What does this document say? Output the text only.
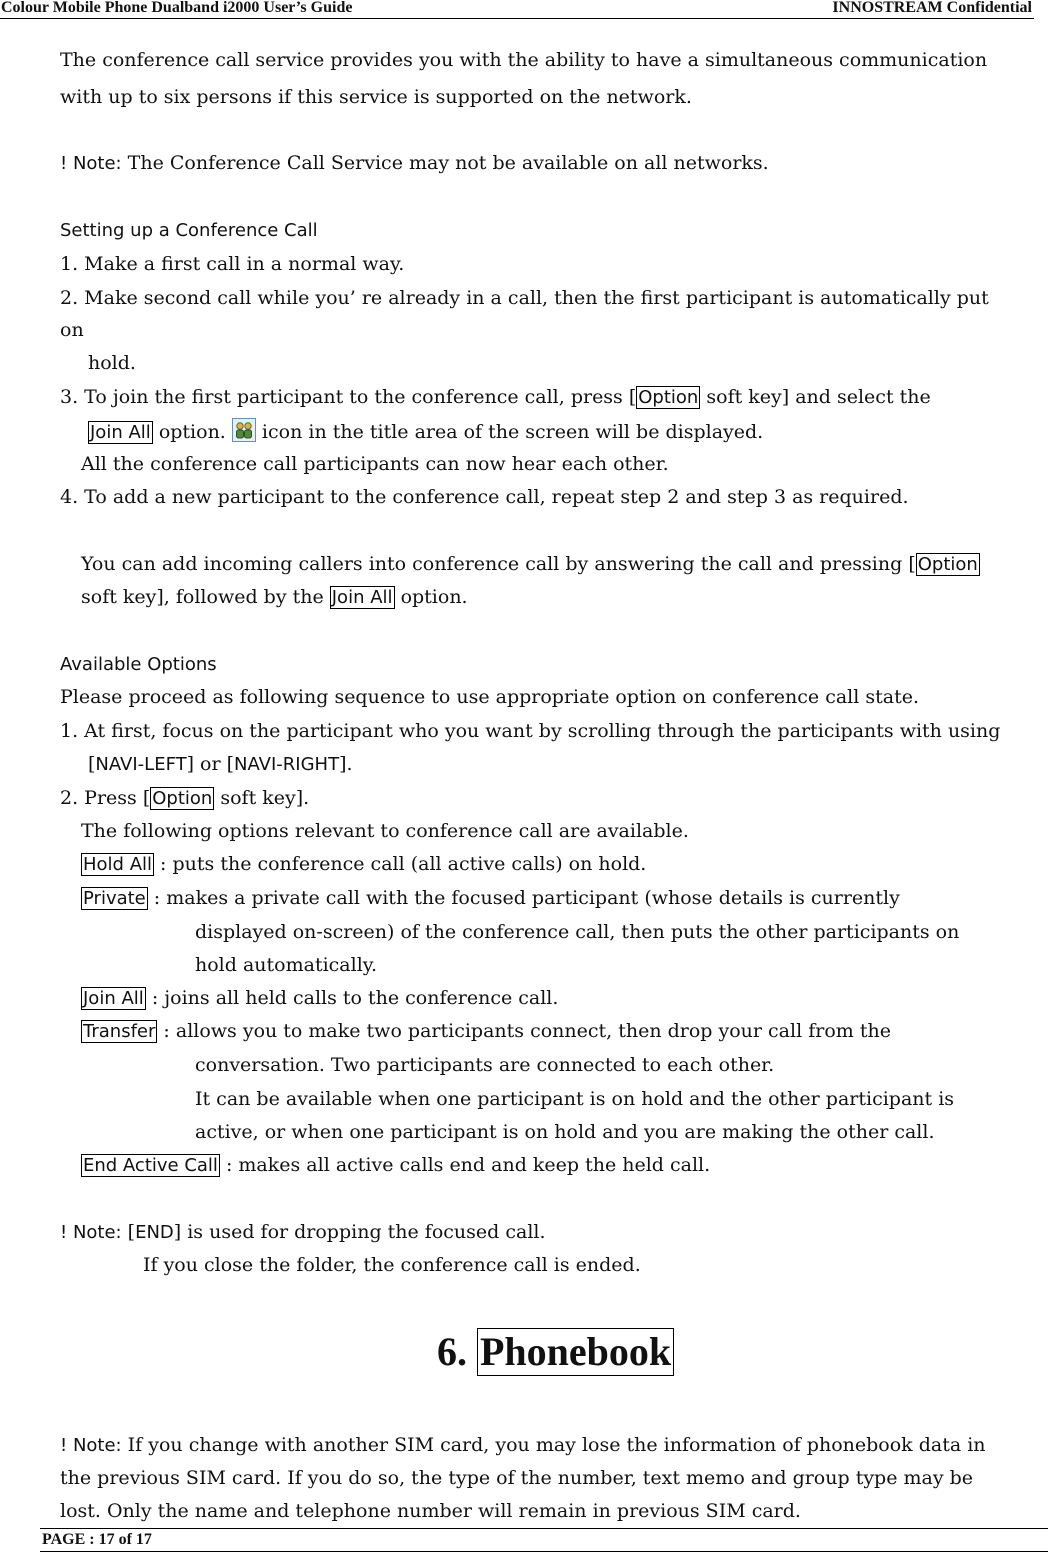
Colour Mobile Phone Dualband i2000 User’s Guide	INNOSTREAM Confidential
The conference call service provides you with the ability to have a simultaneous communication
with up to six persons if this service is supported on the network.
! Note: The Conference Call Service may not be available on all networks.
Setting up a Conference Call
1. Make a first call in a normal way.
2. Make second call while you’ re already in a call, then the first participant is automatically put
on
hold.
3. To join the first participant to the conference call, press [ Option soft key] and select the
Join All option.  icon in the title area of the screen will be displayed.
All the conference call participants can now hear each other.
4. To add a new participant to the conference call, repeat step 2 and step 3 as required.
You can add incoming callers into conference call by answering the call and pressing [ Option
soft key], followed by the Join All option.
Available Options
Please proceed as following sequence to use appropriate option on conference call state.
1. At first, focus on the participant who you want by scrolling through the participants with using
[NAVI-LEFT] or [NAVI-RIGHT].
2. Press [ Option soft key].
The following options relevant to conference call are available.
Hold All : puts the conference call (all active calls) on hold.
Private : makes a private call with the focused participant (whose details is currently
displayed on-screen) of the conference call, then puts the other participants on
hold automatically.
Join All : joins all held calls to the conference call.
Transfer : allows you to make two participants connect, then drop your call from the
conversation. Two participants are connected to each other.
It can be available when one participant is on hold and the other participant is
active, or when one participant is on hold and you are making the other call.
End Active Call : makes all active calls end and keep the held call.
! Note: [END] is used for dropping the focused call.
If you close the folder, the conference call is ended.
! Note: If you change with another SIM card, you may lose the information of phonebook data in
the previous SIM card. If you do so, the type of the number, text memo and group type may be
lost. Only the name and telephone number will remain in previous SIM card.
6. Phonebook
PAGE : 17 of 17
